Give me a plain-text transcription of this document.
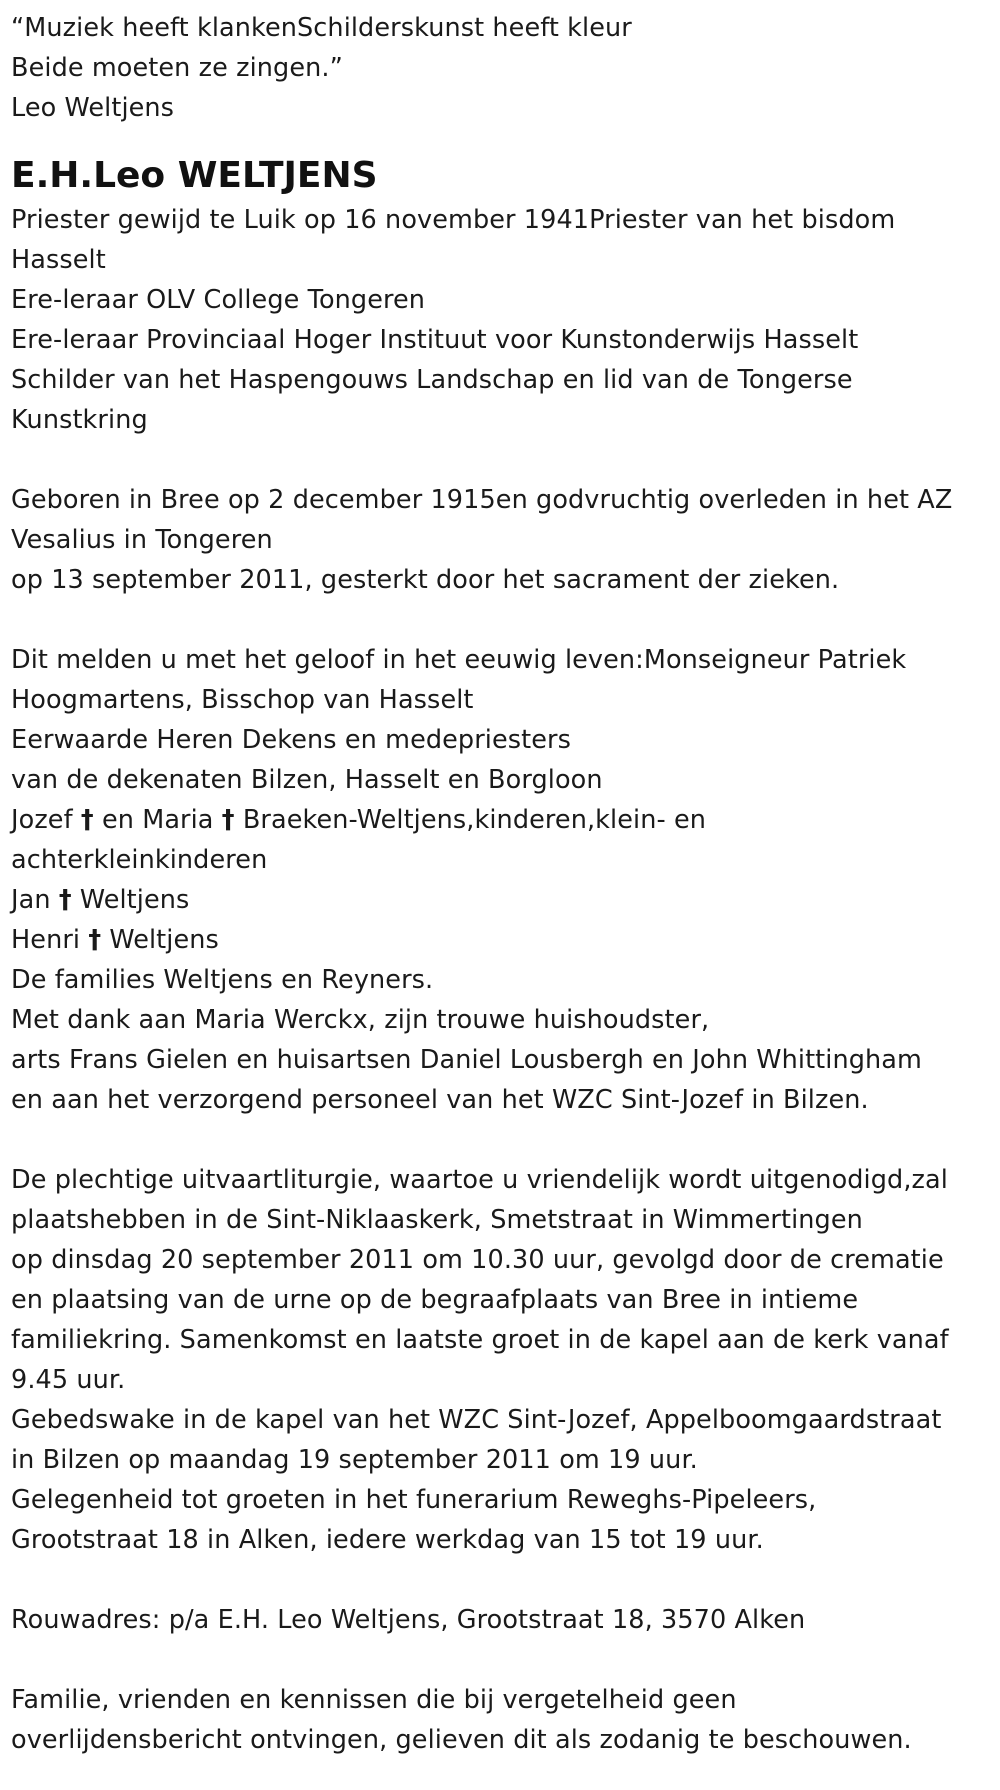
“Muziek heeft klankenSchilderskunst heeft kleur
Beide moeten ze zingen.”
Leo Weltjens
E.H.Leo WELTJENS
Priester gewijd te Luik op 16 november 1941Priester van het bisdom
Hasselt
Ere-leraar OLV College Tongeren
Ere-leraar Provinciaal Hoger Instituut voor Kunstonderwijs Hasselt
Schilder van het Haspengouws Landschap en lid van de Tongerse
Kunstkring
Geboren in Bree op 2 december 1915en godvruchtig overleden in het AZ
Vesalius in Tongeren
op 13 september 2011, gesterkt door het sacrament der zieken.
Dit melden u met het geloof in het eeuwig leven:Monseigneur Patriek
Hoogmartens, Bisschop van Hasselt
Eerwaarde Heren Dekens en medepriesters
van de dekenaten Bilzen, Hasselt en Borgloon
Jozef † en Maria † Braeken-Weltjens,kinderen,klein- en
achterkleinkinderen
Jan † Weltjens
Henri † Weltjens
De families Weltjens en Reyners.
Met dank aan Maria Werckx, zijn trouwe huishoudster,
arts Frans Gielen en huisartsen Daniel Lousbergh en John Whittingham
en aan het verzorgend personeel van het WZC Sint-Jozef in Bilzen.
De plechtige uitvaartliturgie, waartoe u vriendelijk wordt uitgenodigd,zal
plaatshebben in de Sint-Niklaaskerk, Smetstraat in Wimmertingen
op dinsdag 20 september 2011 om 10.30 uur, gevolgd door de crematie
en plaatsing van de urne op de begraafplaats van Bree in intieme
familiekring. Samenkomst en laatste groet in de kapel aan de kerk vanaf
9.45 uur.
Gebedswake in de kapel van het WZC Sint-Jozef, Appelboomgaardstraat
in Bilzen op maandag 19 september 2011 om 19 uur.
Gelegenheid tot groeten in het funerarium Reweghs-Pipeleers,
Grootstraat 18 in Alken, iedere werkdag van 15 tot 19 uur.
Rouwadres: p/a E.H. Leo Weltjens, Grootstraat 18, 3570 Alken
Familie, vrienden en kennissen die bij vergetelheid geen
overlijdensbericht ontvingen, gelieven dit als zodanig te beschouwen.
